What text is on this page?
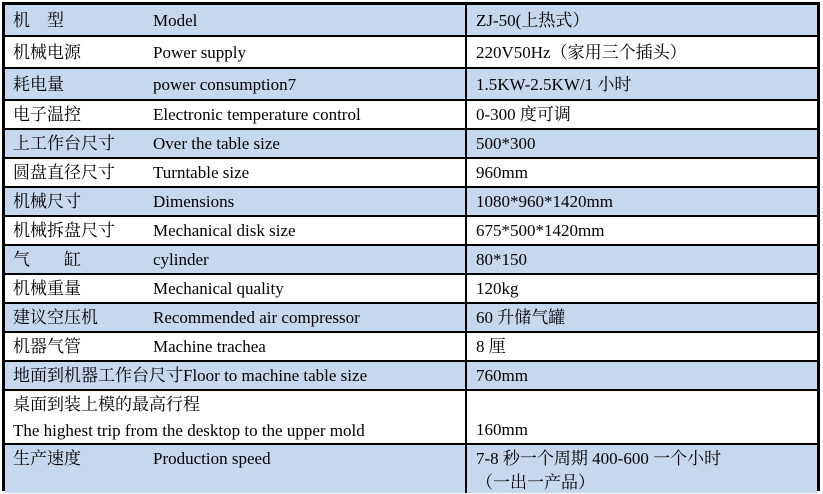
机　型	Model	ZJ-50(上热式）
机械电源	Power supply	220V50Hz（家用三个插头）
耗电量	power consumption7	1.5KW-2.5KW/1 小时
电子温控	Electronic temperature control	0-300 度可调
上工作台尺寸	Over the table size	500*300
圆盘直径尺寸	Turntable size	960mm
机械尺寸	Dimensions	1080*960*1420mm
机械拆盘尺寸	Mechanical disk size	675*500*1420mm
气　　缸	cylinder	80*150
机械重量	Mechanical quality	120kg
建议空压机	Recommended air compressor	60 升储气罐
机器气管	Machine trachea	8 厘
地面到机器工作台尺寸 Floor to machine table size	760mm
桌面到装上模的最高行程
The highest trip from the desktop to the upper mold	160mm
生产速度	Production speed	7-8 秒一个周期 400-600 一个小时
（一出一产品）
